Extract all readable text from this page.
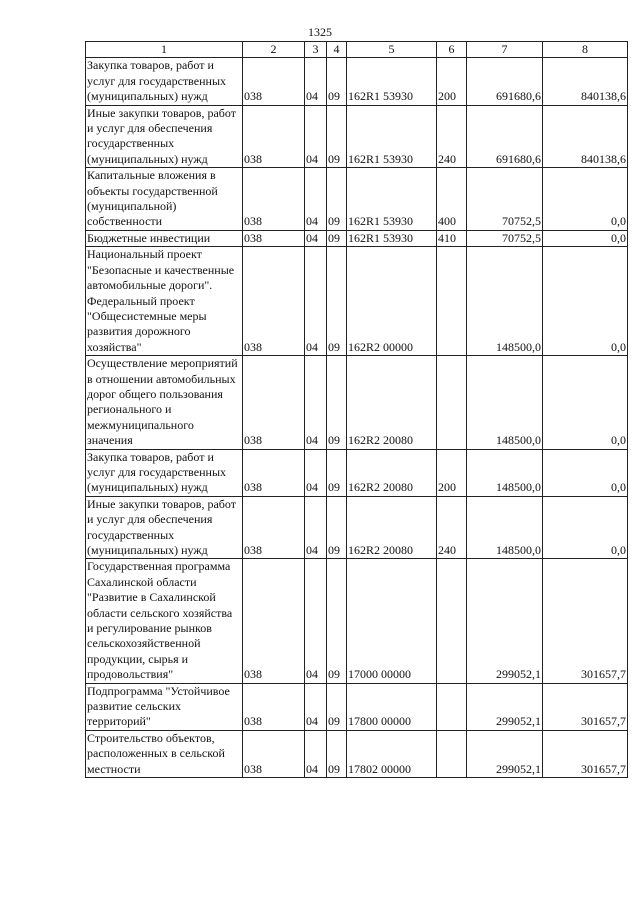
1325
1	2	3	4	5	6	7	8
Закупка товаров, работ и услуг для государственных (муниципальных) нужд	038	04	09	162R1 53930	200	691680,6	840138,6
Иные закупки товаров, работ и услуг для обеспечения государственных (муниципальных) нужд	038	04	09	162R1 53930	240	691680,6	840138,6
Капитальные вложения в объекты государственной (муниципальной) собственности	038	04	09	162R1 53930	400	70752,5	0,0
Бюджетные инвестиции	038	04	09	162R1 53930	410	70752,5	0,0
Национальный проект "Безопасные и качественные автомобильные дороги". Федеральный проект "Общесистемные меры развития дорожного хозяйства"	038	04	09	162R2 00000		148500,0	0,0
Осуществление мероприятий в отношении автомобильных дорог общего пользования регионального и межмуниципального значения	038	04	09	162R2 20080		148500,0	0,0
Закупка товаров, работ и услуг для государственных (муниципальных) нужд	038	04	09	162R2 20080	200	148500,0	0,0
Иные закупки товаров, работ и услуг для обеспечения государственных (муниципальных) нужд	038	04	09	162R2 20080	240	148500,0	0,0
Государственная программа Сахалинской области "Развитие в Сахалинской области сельского хозяйства и регулирование рынков сельскохозяйственной продукции, сырья и продовольствия"	038	04	09	17000 00000		299052,1	301657,7
Подпрограмма "Устойчивое развитие сельских территорий"	038	04	09	17800 00000		299052,1	301657,7
Строительство объектов, расположенных в сельской местности	038	04	09	17802 00000		299052,1	301657,7
